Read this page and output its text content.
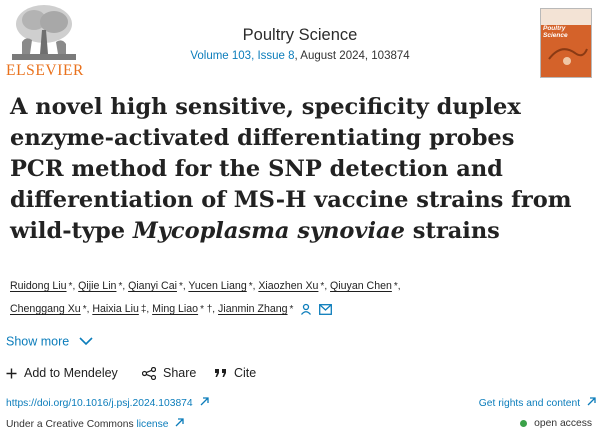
ELSEVIER
Poultry Science
Volume 103, Issue 8, August 2024, 103874
Poultry Science
A novel high sensitive, specificity duplex
enzyme-activated differentiating probes
PCR method for the SNP detection and
differentiation of MS-H vaccine strains from
wild-type Mycoplasma synoviae strains
Ruidong Liu *, Qijie Lin *, Qianyi Cai *, Yucen Liang *, Xiaozhen Xu *, Qiuyan Chen *,
Chenggang Xu *, Haixia Liu ‡, Ming Liao * †, Jianmin Zhang *
Show more
Add to Mendeley	Share	Cite
https://doi.org/10.1016/j.psj.2024.103874	Get rights and content
Under a Creative Commons license	open access
